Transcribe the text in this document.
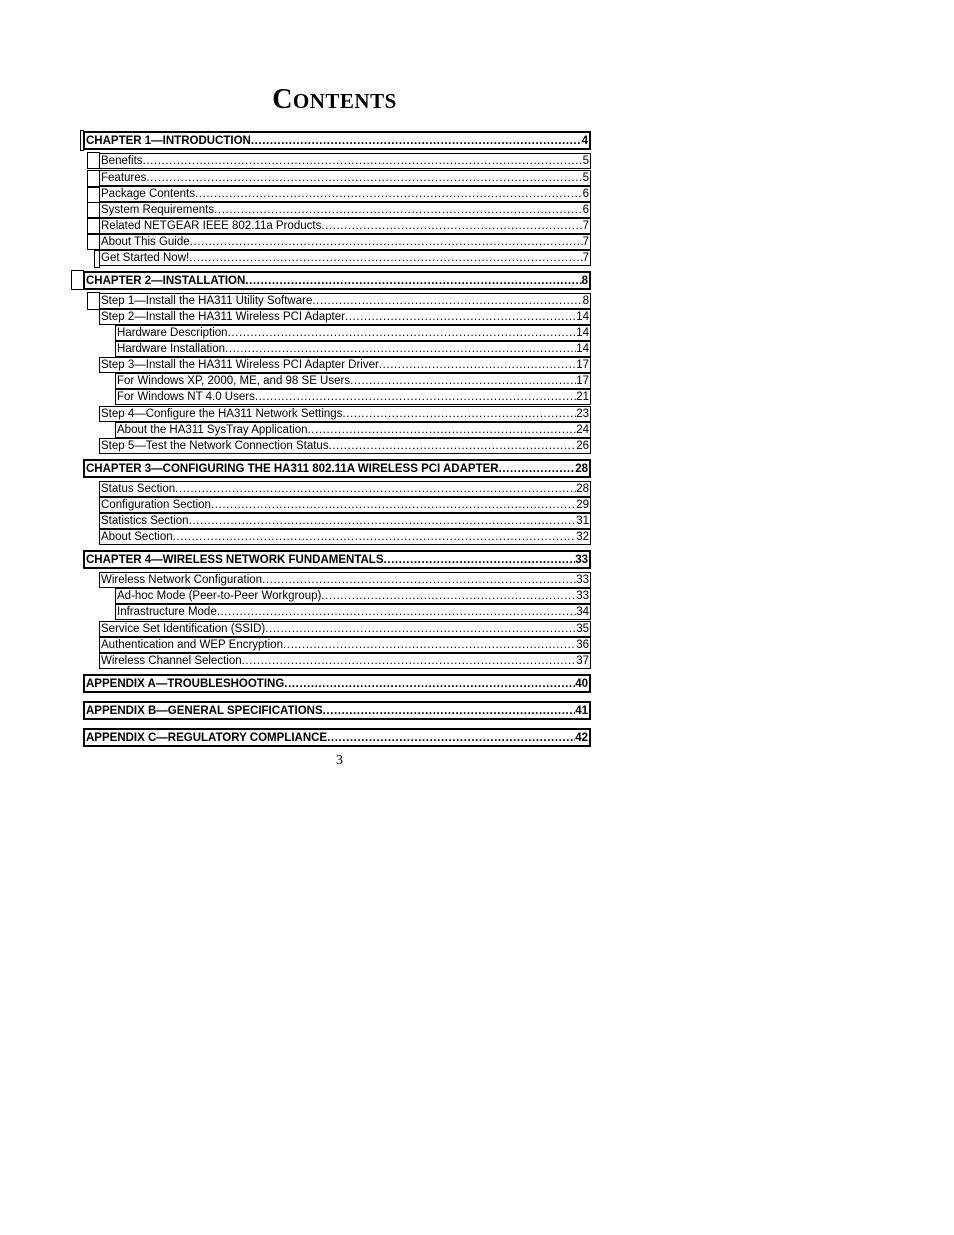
CONTENTS
CHAPTER 1—INTRODUCTION .....	4
Benefits .....	5
Features .....	5
Package Contents .....	6
System Requirements .....	6
Related NETGEAR IEEE 802.11a Products .....	7
About This Guide .....	7
Get Started Now! .....	7
CHAPTER 2—INSTALLATION .....	8
Step 1—Install the HA311 Utility Software .....	8
Step 2—Install the HA311 Wireless PCI Adapter .....	14
Hardware Description .....	14
Hardware Installation .....	14
Step 3—Install the HA311 Wireless PCI Adapter Driver .....	17
For Windows XP, 2000, ME, and 98 SE Users .....	17
For Windows NT 4.0 Users .....	21
Step 4—Configure the HA311 Network Settings .....	23
About the HA311 SysTray Application .....	24
Step 5—Test the Network Connection Status .....	26
CHAPTER 3—CONFIGURING THE HA311 802.11A WIRELESS PCI ADAPTER .....	28
Status Section .....	28
Configuration Section .....	29
Statistics Section .....	31
About Section .....	32
CHAPTER 4—WIRELESS NETWORK FUNDAMENTALS .....	33
Wireless Network Configuration .....	33
Ad-hoc Mode (Peer-to-Peer Workgroup) .....	33
Infrastructure Mode .....	34
Service Set Identification (SSID) .....	35
Authentication and WEP Encryption .....	36
Wireless Channel Selection .....	37
APPENDIX A—TROUBLESHOOTING .....	40
APPENDIX B—GENERAL SPECIFICATIONS .....	41
APPENDIX C—REGULATORY COMPLIANCE .....	42
3
